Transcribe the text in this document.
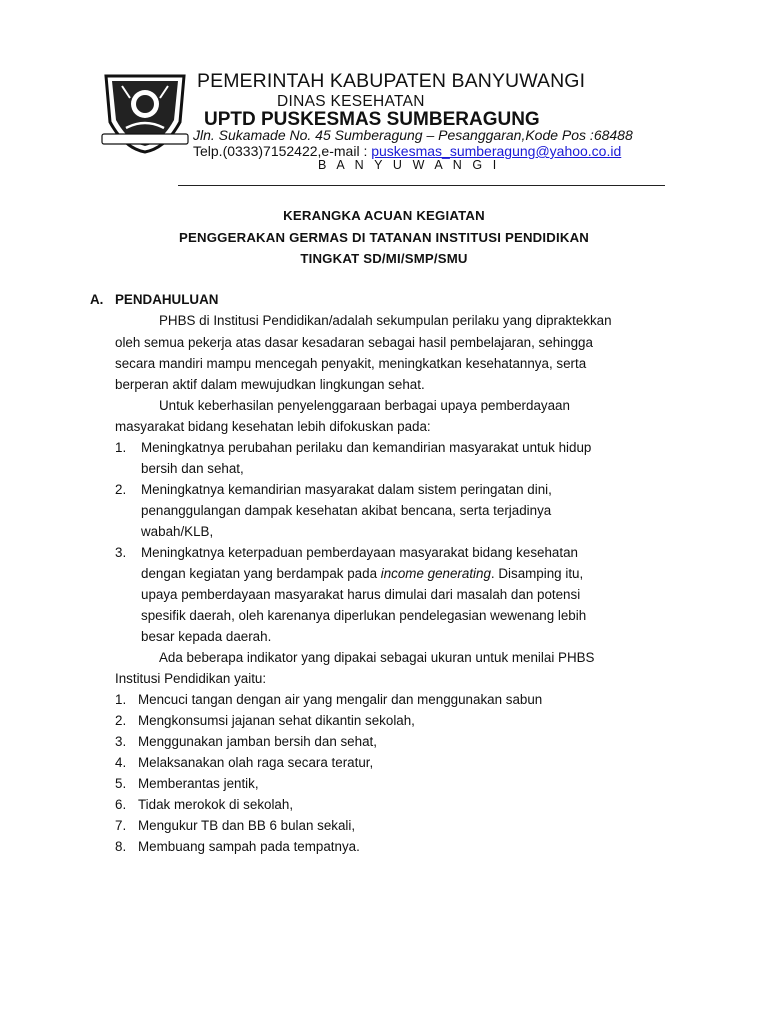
PEMERINTAH KABUPATEN BANYUWANGI
DINAS KESEHATAN
UPTD PUSKESMAS SUMBERAGUNG
Jln. Sukamade No. 45 Sumberagung – Pesanggaran,Kode Pos :68488
Telp.(0333)7152422,e-mail : puskesmas_sumberagung@yahoo.co.id
B A N Y U W A N G I
KERANGKA ACUAN KEGIATAN
PENGGERAKAN GERMAS DI TATANAN INSTITUSI PENDIDIKAN
TINGKAT SD/MI/SMP/SMU
A. PENDAHULUAN
PHBS di Institusi Pendidikan/adalah sekumpulan perilaku yang dipraktekkan
oleh semua pekerja atas dasar kesadaran sebagai hasil pembelajaran, sehingga
secara mandiri mampu mencegah penyakit, meningkatkan kesehatannya, serta
berperan aktif dalam mewujudkan lingkungan sehat.
Untuk keberhasilan penyelenggaraan berbagai upaya pemberdayaan
masyarakat bidang kesehatan lebih difokuskan pada:
1. Meningkatnya perubahan perilaku dan kemandirian masyarakat untuk hidup
bersih dan sehat,
2. Meningkatnya kemandirian masyarakat dalam sistem peringatan dini,
penanggulangan dampak kesehatan akibat bencana, serta terjadinya
wabah/KLB,
3. Meningkatnya keterpaduan pemberdayaan masyarakat bidang kesehatan
dengan kegiatan yang berdampak pada income generating. Disamping itu,
upaya pemberdayaan masyarakat harus dimulai dari masalah dan potensi
spesifik daerah, oleh karenanya diperlukan pendelegasian wewenang lebih
besar kepada daerah.
Ada beberapa indikator yang dipakai sebagai ukuran untuk menilai PHBS
Institusi Pendidikan yaitu:
1. Mencuci tangan dengan air yang mengalir dan menggunakan sabun
2. Mengkonsumsi jajanan sehat dikantin sekolah,
3. Menggunakan jamban bersih dan sehat,
4. Melaksanakan olah raga secara teratur,
5. Memberantas jentik,
6. Tidak merokok di sekolah,
7. Mengukur TB dan BB 6 bulan sekali,
8. Membuang sampah pada tempatnya.
